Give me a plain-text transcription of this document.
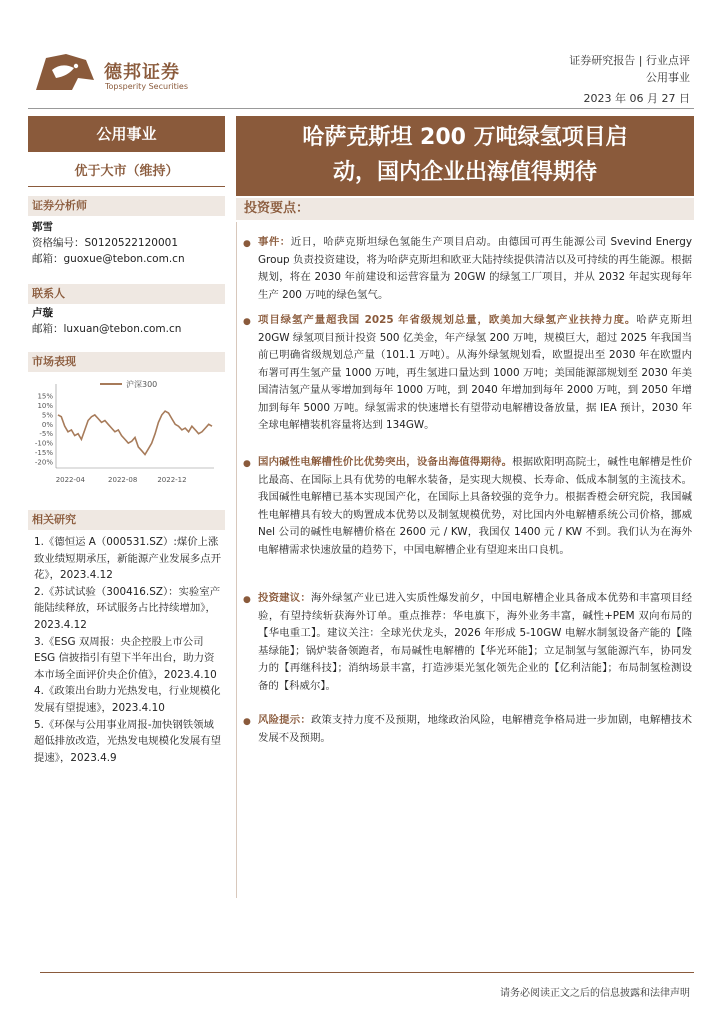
德邦证券
Topsperity Securities
证券研究报告 | 行业点评
公用事业
2023 年 06 月 27 日
公用事业
优于大市（维持）
证券分析师
郭雪
资格编号：S0120522120001
邮箱：guoxue@tebon.com.cn
联系人
卢璇
邮箱：luxuan@tebon.com.cn
市场表现
15%
10%
5%
0%
-5%
-10%
-15%
-20%
2022-04	2022-08	2022-12
沪深300
相关研究
1.《德恒运 A（000531.SZ）:煤价上涨致业绩短期承压，新能源产业发展多点开花》，2023.4.12
2.《苏试试验（300416.SZ）：实验室产能陆续释放，环试服务占比持续增加》，2023.4.12
3.《ESG 双周报：央企控股上市公司 ESG 信披指引有望下半年出台，助力资本市场全面评价央企价值》，2023.4.10
4.《政策出台助力光热发电，行业规模化发展有望提速》，2023.4.10
5.《环保与公用事业周报-加快钢铁领域超低排放改造，光热发电规模化发展有望提速》，2023.4.9
哈萨克斯坦 200 万吨绿氢项目启
动，国内企业出海值得期待
投资要点：
● 事件：近日，哈萨克斯坦绿色氢能生产项目启动。由德国可再生能源公司 Svevind Energy Group 负责投资建设，将为哈萨克斯坦和欧亚大陆持续提供清洁以及可持续的再生能源。根据规划，将在 2030 年前建设和运营容量为 20GW 的绿氢工厂项目，并从 2032 年起实现每年生产 200 万吨的绿色氢气。
● 项目绿氢产量超我国 2025 年省级规划总量，欧美加大绿氢产业扶持力度。哈萨克斯坦 20GW 绿氢项目预计投资 500 亿美金，年产绿氢 200 万吨，规模巨大，超过 2025 年我国当前已明确省级规划总产量（101.1 万吨）。从海外绿氢规划看，欧盟提出至 2030 年在欧盟内布署可再生氢产量 1000 万吨，再生氢进口量达到 1000 万吨；美国能源部规划至 2030 年美国清洁氢产量从零增加到每年 1000 万吨，到 2040 年增加到每年 2000 万吨，到 2050 年增加到每年 5000 万吨。绿氢需求的快速增长有望带动电解槽设备放量，据 IEA 预计，2030 年全球电解槽装机容量将达到 134GW。
● 国内碱性电解槽性价比优势突出，设备出海值得期待。根据欧阳明高院士，碱性电解槽是性价比最高、在国际上具有优势的电解水装备，是实现大规模、长寿命、低成本制氢的主流技术。我国碱性电解槽已基本实现国产化，在国际上具备较强的竞争力。根据香橙会研究院，我国碱性电解槽具有较大的购置成本优势以及制氢规模优势，对比国内外电解槽系统公司价格，挪威 Nel 公司的碱性电解槽价格在 2600 元 / KW，我国仅 1400 元 / KW 不到。我们认为在海外电解槽需求快速放量的趋势下，中国电解槽企业有望迎来出口良机。
● 投资建议：海外绿氢产业已进入实质性爆发前夕，中国电解槽企业具备成本优势和丰富项目经验，有望持续斩获海外订单。重点推荐：华电旗下，海外业务丰富，碱性+PEM 双向布局的【华电重工】。建议关注：全球光伏龙头，2026 年形成 5-10GW 电解水制氢设备产能的【隆基绿能】；锅炉装备领跑者，布局碱性电解槽的【华光环能】；立足制氢与氢能源汽车，协同发力的【再继科技】；消纳场景丰富，打造涉渠光氢化领先企业的【亿利洁能】；布局制氢检测设备的【科威尔】。
● 风险提示：政策支持力度不及预期，地缘政治风险，电解槽竞争格局进一步加剧，电解槽技术发展不及预期。
请务必阅读正文之后的信息披露和法律声明
